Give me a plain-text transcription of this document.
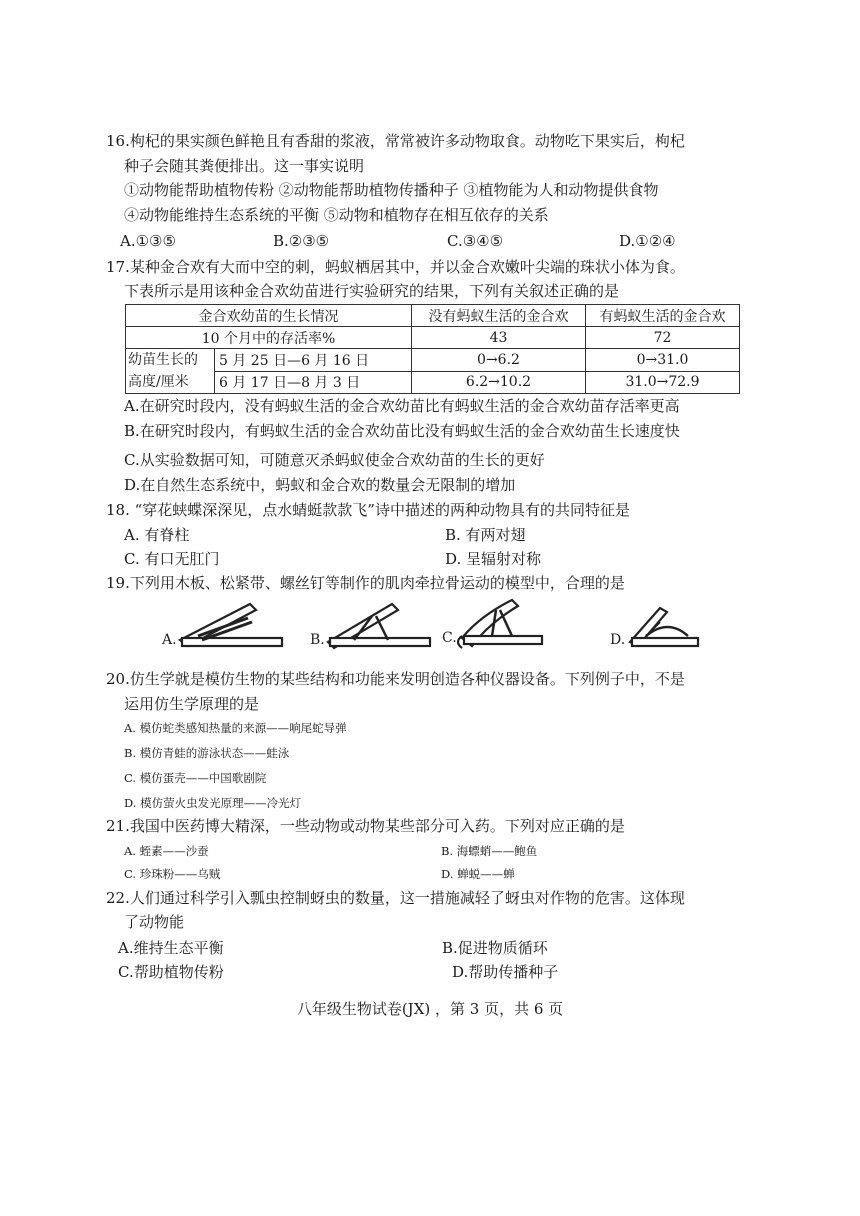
16.枸杞的果实颜色鲜艳且有香甜的浆液，常常被许多动物取食。动物吃下果实后，枸杞
种子会随其粪便排出。这一事实说明
①动物能帮助植物传粉 ②动物能帮助植物传播种子 ③植物能为人和动物提供食物
④动物能维持生态系统的平衡 ⑤动物和植物存在相互依存的关系
A.①③⑤	B.②③⑤	C.③④⑤	D.①②④
17.某种金合欢有大而中空的刺，蚂蚁栖居其中，并以金合欢嫩叶尖端的珠状小体为食。
下表所示是用该种金合欢幼苗进行实验研究的结果，下列有关叙述正确的是
金合欢幼苗的生长情况		没有蚂蚁生活的金合欢	有蚂蚁生活的金合欢
10 个月中的存活率%		43	72

幼苗生长的
高度/厘米	5 月 25 日—6 月 16 日	0→6.2	0→31.0
	6 月 17 日—8 月 3 日	6.2→10.2	31.0→72.9
A.在研究时段内，没有蚂蚁生活的金合欢幼苗比有蚂蚁生活的金合欢幼苗存活率更高
B.在研究时段内，有蚂蚁生活的金合欢幼苗比没有蚂蚁生活的金合欢幼苗生长速度快
C.从实验数据可知，可随意灭杀蚂蚁使金合欢幼苗的生长的更好
D.在自然生态系统中，蚂蚁和金合欢的数量会无限制的增加
18. “穿花蛱蝶深深见，点水蜻蜓款款飞”诗中描述的两种动物具有的共同特征是
A. 有脊柱	B. 有两对翅
C. 有口无肛门	D. 呈辐射对称
19.下列用木板、松紧带、螺丝钉等制作的肌肉牵拉骨运动的模型中，合理的是
A.	B.	C.	D.
20.仿生学就是模仿生物的某些结构和功能来发明创造各种仪器设备。下列例子中，不是
运用仿生学原理的是
A. 模仿蛇类感知热量的来源——响尾蛇导弹
B. 模仿青蛙的游泳状态——蛙泳
C. 模仿蛋壳——中国歌剧院
D. 模仿萤火虫发光原理——冷光灯
21.我国中医药博大精深，一些动物或动物某些部分可入药。下列对应正确的是
A. 蛭素——沙蚕	B. 海螵蛸——鲍鱼
C. 珍珠粉——乌贼	D. 蝉蜕——蝉
22.人们通过科学引入瓢虫控制蚜虫的数量，这一措施减轻了蚜虫对作物的危害。这体现
了动物能
A.维持生态平衡	B.促进物质循环
C.帮助植物传粉	D.帮助传播种子
八年级生物试卷(JX) ，第 3 页，共 6 页
